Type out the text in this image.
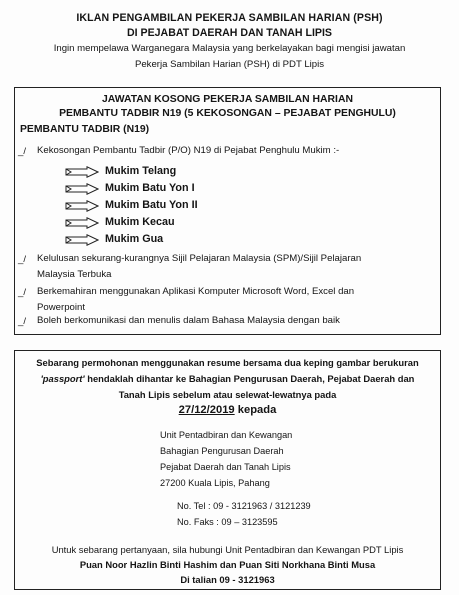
IKLAN PENGAMBILAN PEKERJA SAMBILAN HARIAN (PSH)
DI PEJABAT DAERAH DAN TANAH LIPIS
Ingin mempelawa Warganegara Malaysia yang berkelayakan bagi mengisi jawatan
Pekerja Sambilan Harian (PSH) di PDT Lipis
JAWATAN KOSONG PEKERJA SAMBILAN HARIAN
PEMBANTU TADBIR N19 (5 KEKOSONGAN – PEJABAT PENGHULU)
PEMBANTU TADBIR (N19)
_/	Kekosongan Pembantu Tadbir (P/O) N19 di Pejabat Penghulu Mukim :-
Mukim Telang
Mukim Batu Yon I
Mukim Batu Yon II
Mukim Kecau
Mukim Gua
_/	Kelulusan sekurang-kurangnya Sijil Pelajaran Malaysia (SPM)/Sijil Pelajaran
Malaysia Terbuka
_/	Berkemahiran menggunakan Aplikasi Komputer Microsoft Word, Excel dan
Powerpoint
_/	Boleh berkomunikasi dan menulis dalam Bahasa Malaysia dengan baik
Sebarang permohonan menggunakan resume bersama dua keping gambar berukuran
'passport' hendaklah dihantar ke Bahagian Pengurusan Daerah, Pejabat Daerah dan
Tanah Lipis sebelum atau selewat-lewatnya pada
27/12/2019 kepada
Unit Pentadbiran dan Kewangan
Bahagian Pengurusan Daerah
Pejabat Daerah dan Tanah Lipis
27200 Kuala Lipis, Pahang
No. Tel : 09 - 3121963 / 3121239
No. Faks : 09 – 3123595
Untuk sebarang pertanyaan, sila hubungi Unit Pentadbiran dan Kewangan PDT Lipis
Puan Noor Hazlin Binti Hashim dan Puan Siti Norkhana Binti Musa
Di talian 09 - 3121963
